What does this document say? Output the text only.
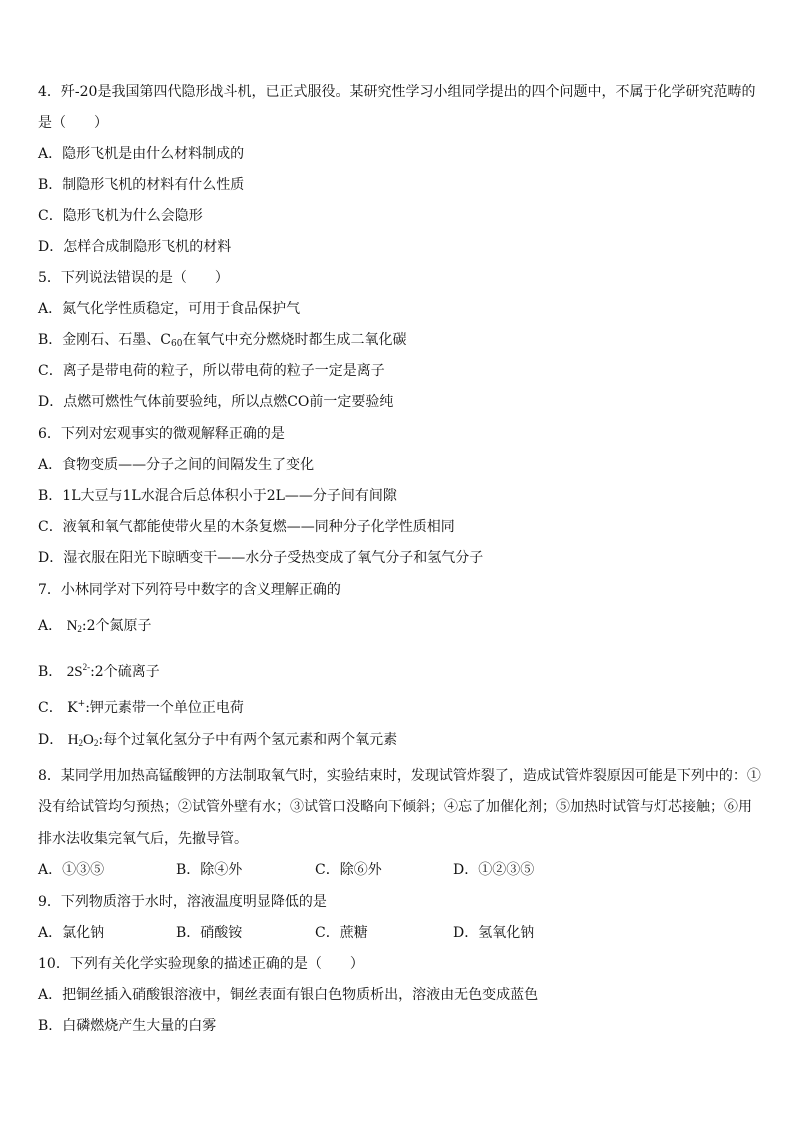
4．歼-20是我国第四代隐形战斗机，已正式服役。某研究性学习小组同学提出的四个问题中，不属于化学研究范畴的
是（　　）
A．隐形飞机是由什么材料制成的
B．制隐形飞机的材料有什么性质
C．隐形飞机为什么会隐形
D．怎样合成制隐形飞机的材料
5．下列说法错误的是（　　）
A．氮气化学性质稳定，可用于食品保护气
B．金刚石、石墨、$C_{60}$在氧气中充分燃烧时都生成二氧化碳
C．离子是带电荷的粒子，所以带电荷的粒子一定是离子
D．点燃可燃性气体前要验纯，所以点燃CO前一定要验纯
6．下列对宏观事实的微观解释正确的是
A．食物变质——分子之间的间隔发生了变化
B．1L大豆与1L水混合后总体积小于2L——分子间有间隙
C．液氧和氧气都能使带火星的木条复燃——同种分子化学性质相同
D．湿衣服在阳光下晾晒变干——水分子受热变成了氧气分子和氢气分子
7．小林同学对下列符号中数字的含义理解正确的
A． $N_2:2$个氮原子
B． $2S^{2-}:2$个硫离子
C． K+:钾元素带一个单位正电荷
D． $H_2O_2$:每个过氧化氢分子中有两个氢元素和两个氧元素
8．某同学用加热高锰酸钾的方法制取氧气时，实验结束时，发现试管炸裂了，造成试管炸裂原因可能是下列中的：①
没有给试管均匀预热；②试管外壁有水；③试管口没略向下倾斜；④忘了加催化剂；⑤加热时试管与灯芯接触；⑥用
排水法收集完氧气后，先撤导管。
A．①③⑤	B．除④外	C．除⑥外	D．①②③⑤
9．下列物质溶于水时，溶液温度明显降低的是
A．氯化钠	B．硝酸铵	C．蔗糖	D．氢氧化钠
10．下列有关化学实验现象的描述正确的是（　　）
A．把铜丝插入硝酸银溶液中，铜丝表面有银白色物质析出，溶液由无色变成蓝色
B．白磷燃烧产生大量的白雾
